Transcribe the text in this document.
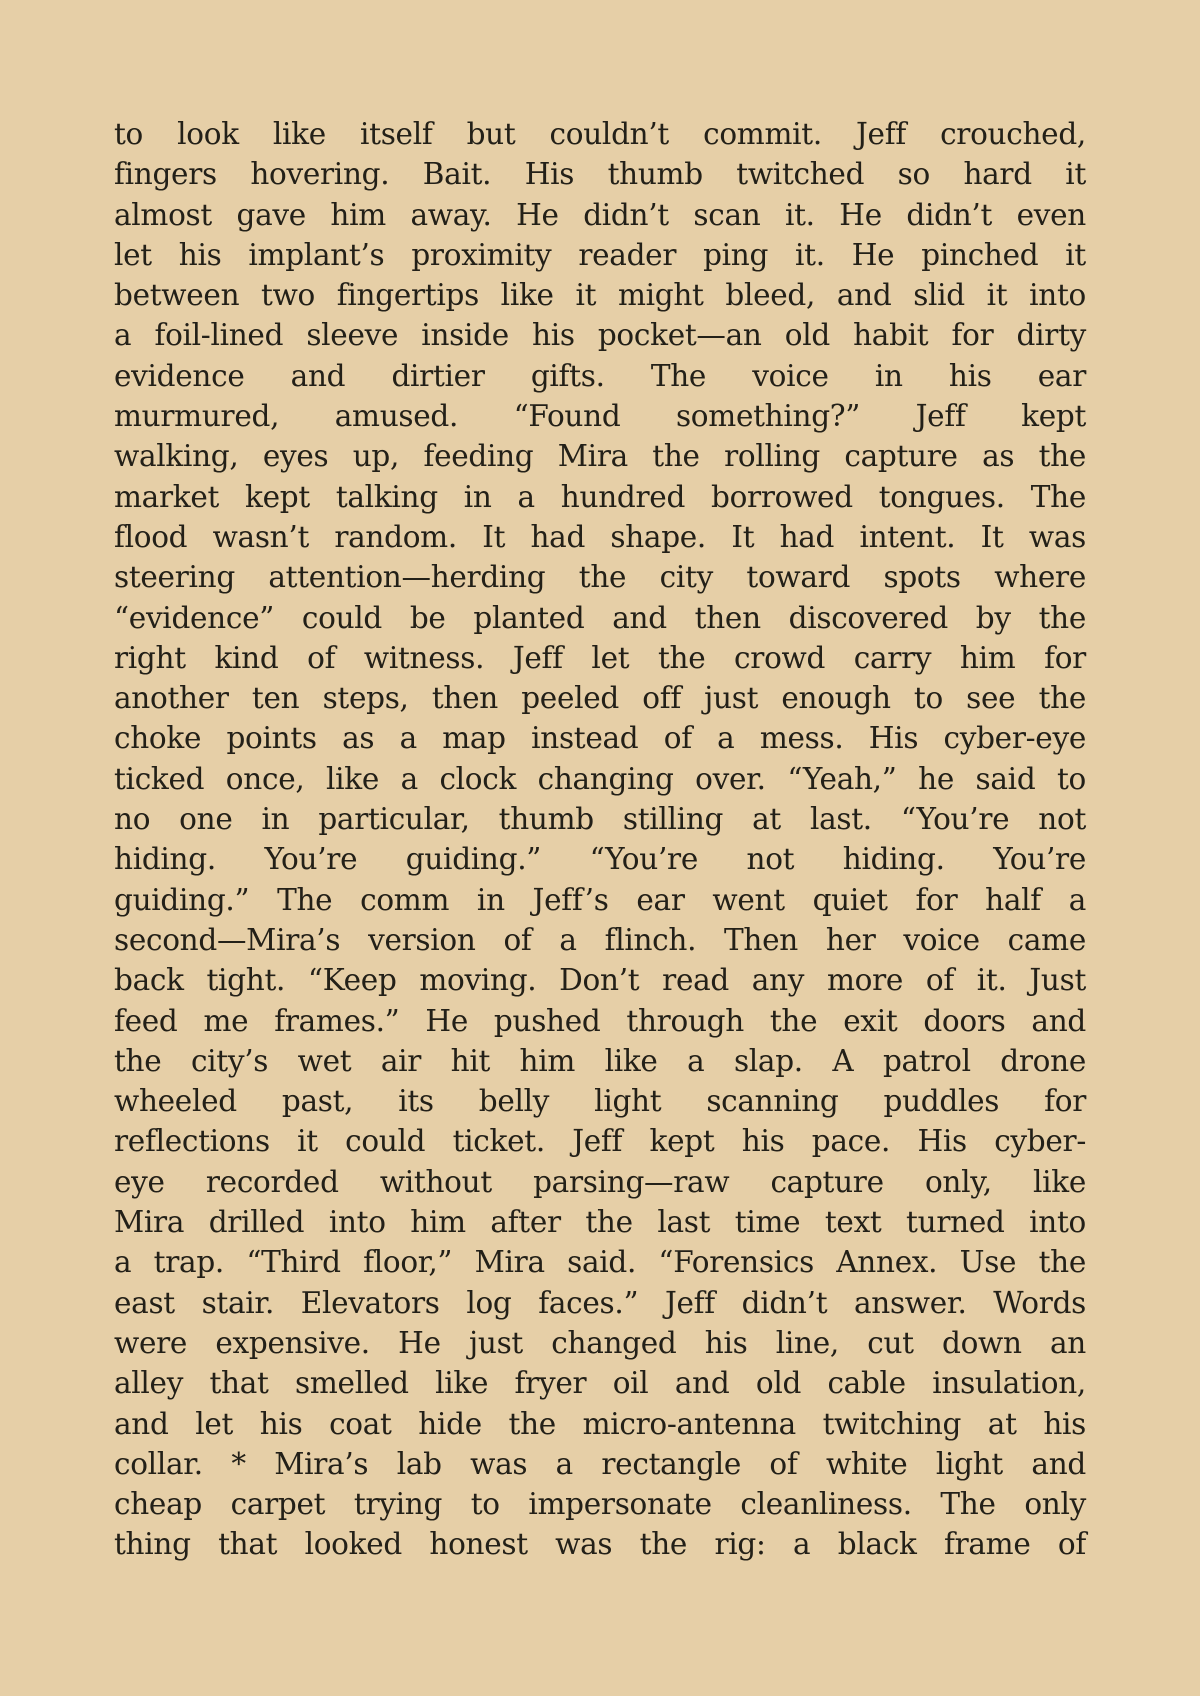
to look like itself but couldn’t commit. Jeff crouched,
fingers hovering. Bait. His thumb twitched so hard it
almost gave him away. He didn’t scan it. He didn’t even
let his implant’s proximity reader ping it. He pinched it
between two fingertips like it might bleed, and slid it into
a foil-lined sleeve inside his pocket—an old habit for dirty
evidence and dirtier gifts. The voice in his ear
murmured, amused. “Found something?” Jeff kept
walking, eyes up, feeding Mira the rolling capture as the
market kept talking in a hundred borrowed tongues. The
flood wasn’t random. It had shape. It had intent. It was
steering attention—herding the city toward spots where
“evidence” could be planted and then discovered by the
right kind of witness. Jeff let the crowd carry him for
another ten steps, then peeled off just enough to see the
choke points as a map instead of a mess. His cyber-eye
ticked once, like a clock changing over. “Yeah,” he said to
no one in particular, thumb stilling at last. “You’re not
hiding. You’re guiding.” “You’re not hiding. You’re
guiding.” The comm in Jeff’s ear went quiet for half a
second—Mira’s version of a flinch. Then her voice came
back tight. “Keep moving. Don’t read any more of it. Just
feed me frames.” He pushed through the exit doors and
the city’s wet air hit him like a slap. A patrol drone
wheeled past, its belly light scanning puddles for
reflections it could ticket. Jeff kept his pace. His cyber-
eye recorded without parsing—raw capture only, like
Mira drilled into him after the last time text turned into
a trap. “Third floor,” Mira said. “Forensics Annex. Use the
east stair. Elevators log faces.” Jeff didn’t answer. Words
were expensive. He just changed his line, cut down an
alley that smelled like fryer oil and old cable insulation,
and let his coat hide the micro-antenna twitching at his
collar. * Mira’s lab was a rectangle of white light and
cheap carpet trying to impersonate cleanliness. The only
thing that looked honest was the rig: a black frame of
